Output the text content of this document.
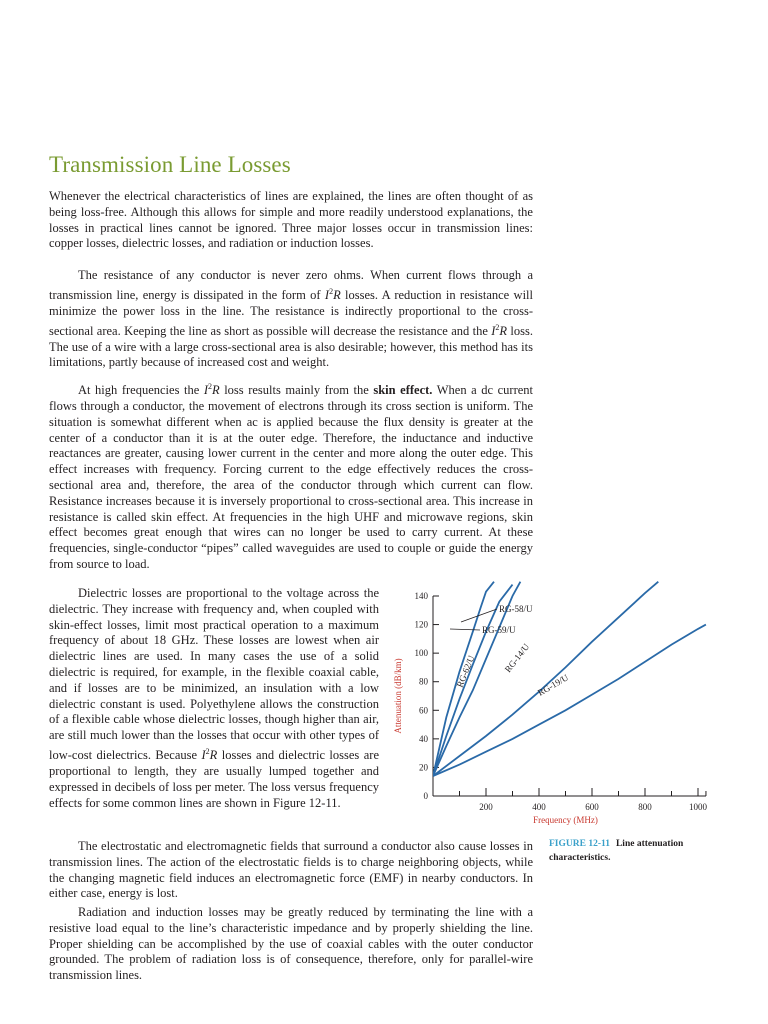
Transmission Line Losses

Whenever the electrical characteristics of lines are explained, the lines are often thought of as being loss-free. Although this allows for simple and more readily understood explanations, the losses in practical lines cannot be ignored. Three major losses occur in transmission lines: copper losses, dielectric losses, and radiation or induction losses.

The resistance of any conductor is never zero ohms. When current flows through a transmission line, energy is dissipated in the form of $I^2R$ losses. A reduction in resistance will minimize the power loss in the line. The resistance is indirectly proportional to the cross-sectional area. Keeping the line as short as possible will decrease the resistance and the $I^2R$ loss. The use of a wire with a large cross-sectional area is also desirable; however, this method has its limitations, partly because of increased cost and weight.

At high frequencies the $I^2R$ loss results mainly from the skin effect. When a dc current flows through a conductor, the movement of electrons through its cross section is uniform. The situation is somewhat different when ac is applied because the flux density is greater at the center of a conductor than it is at the outer edge. Therefore, the inductance and inductive reactances are greater, causing lower current in the center and more along the outer edge. This effect increases with frequency. Forcing current to the edge effectively reduces the cross-sectional area and, therefore, the area of the conductor through which current can flow. Resistance increases because it is inversely proportional to cross-sectional area. This increase in resistance is called skin effect. At frequencies in the high UHF and microwave regions, skin effect becomes great enough that wires can no longer be used to carry current. At these frequencies, single-conductor “pipes” called waveguides are used to couple or guide the energy from source to load.

Dielectric losses are proportional to the voltage across the dielectric. They increase with frequency and, when coupled with skin-effect losses, limit most practical operation to a maximum frequency of about 18 GHz. These losses are lowest when air dielectric lines are used. In many cases the use of a solid dielectric is required, for example, in the flexible coaxial cable, and if losses are to be minimized, an insulation with a low dielectric constant is used. Polyethylene allows the construction of a flexible cable whose dielectric losses, though higher than air, are still much lower than the losses that occur with other types of low-cost dielectrics. Because $I^2R$ losses and dielectric losses are proportional to length, they are usually lumped together and expressed in decibels of loss per meter. The loss versus frequency effects for some common lines are shown in Figure 12-11.

The electrostatic and electromagnetic fields that surround a conductor also cause losses in transmission lines. The action of the electrostatic fields is to charge neighboring objects, while the changing magnetic field induces an electromagnetic force (EMF) in nearby conductors. In either case, energy is lost.

Radiation and induction losses may be greatly reduced by terminating the line with a resistive load equal to the line’s characteristic impedance and by properly shielding the line. Proper shielding can be accomplished by the use of coaxial cables with the outer conductor grounded. The problem of radiation loss is of consequence, therefore, only for parallel-wire transmission lines.

0
20
40
60
80
100
120
140
200	400	600	800	1000
Frequency (MHz)
Attenuation (dB/km)
RG-58/U
RG-59/U
RG-62/U	RG-14/U
RG-19/U

FIGURE 12-11 Line attenuation characteristics.
